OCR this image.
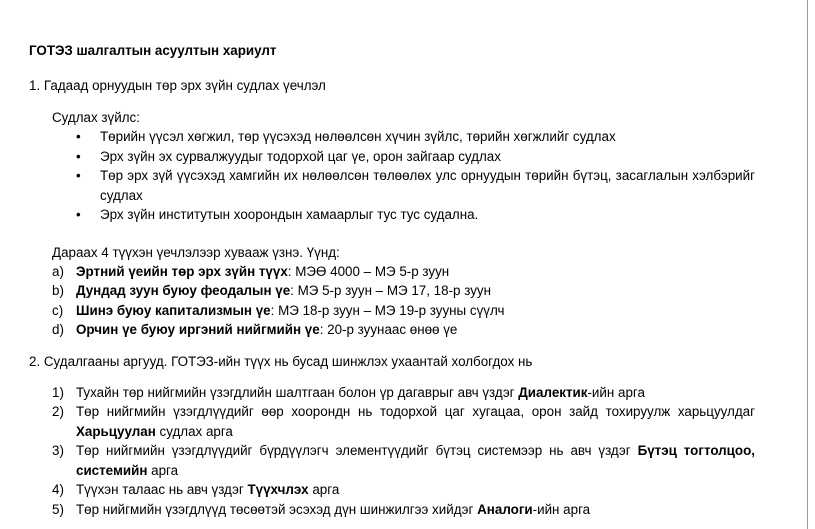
ГОТЭЗ шалгалтын асуултын хариулт

1. Гадаад орнуудын төр эрх зүйн судлах үечлэл

Судлах зүйлс:

• Төрийн үүсэл хөгжил, төр үүсэхэд нөлөөлсөн хүчин зүйлс, төрийн хөгжлийг судлах
• Эрх зүйн эх сурвалжуудыг тодорхой цаг үе, орон зайгаар судлах
• Төр эрх зүй үүсэхэд хамгийн их нөлөөлсөн төлөөлөх улс орнуудын төрийн бүтэц, засаглалын хэлбэрийг судлах
• Эрх зүйн институтын хоорондын хамаарлыг тус тус судална.

Дараах 4 түүхэн үечлэлээр хувааж үзнэ. Үүнд:

a) Эртний үеийн төр эрх зүйн түүх: МЭӨ 4000 – МЭ 5-р зуун
b) Дундад зуун буюу феодалын үе: МЭ 5-р зуун – МЭ 17, 18-р зуун
c) Шинэ буюу капитализмын үе: МЭ 18-р зуун – МЭ 19-р зууны сүүлч
d) Орчин үе буюу иргэний нийгмийн үе: 20-р зуунаас өнөө үе

2. Судалгааны аргууд. ГОТЭЗ-ийн түүх нь бусад шинжлэх ухаантай холбогдох нь

1) Тухайн төр нийгмийн үзэгдлийн шалтгаан болон үр дагаврыг авч үздэг Диалектик-ийн арга
2) Төр нийгмийн үзэгдлүүдийг өөр хоорондн нь тодорхой цаг хугацаа, орон зайд тохируулж харьцуулдаг Харьцуулан судлах арга
3) Төр нийгмийн үзэгдлүүдийг бүрдүүлэгч элементүүдийг бүтэц системээр нь авч үздэг Бүтэц тогтолцоо, системийн арга
4) Түүхэн талаас нь авч үздэг Түүхчлэх арга
5) Төр нийгмийн үзэгдлүүд төсөөтэй эсэхэд дүн шинжилгээ хийдэг Аналоги-ийн арга
